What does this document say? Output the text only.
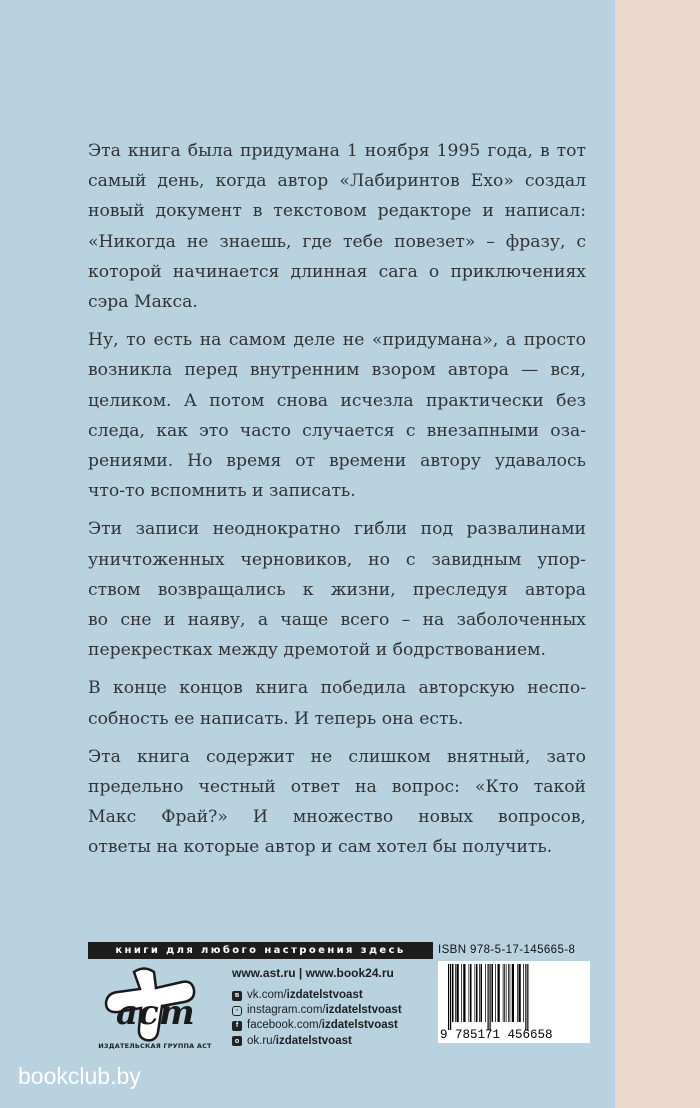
Эта книга была придумана 1 ноября 1995 года, в тот
самый день, когда автор «Лабиринтов Ехо» создал
новый документ в текстовом редакторе и написал:
«Никогда не знаешь, где тебе повезет» – фразу, с
которой начинается длинная сага о приключениях
сэра Макса.

Ну, то есть на самом деле не «придумана», а просто
возникла перед внутренним взором автора — вся,
целиком. А потом снова исчезла практически без
следа, как это часто случается с внезапными оза-
рениями. Но время от времени автору удавалось
что-то вспомнить и записать.

Эти записи неоднократно гибли под развалинами
уничтоженных черновиков, но с завидным упор-
ством возвращались к жизни, преследуя автора
во сне и наяву, а чаще всего – на заболоченных
перекрестках между дремотой и бодрствованием.

В конце концов книга победила авторскую неспо-
собность ее написать. И теперь она есть.

Эта книга содержит не слишком внятный, зато
предельно честный ответ на вопрос: «Кто такой
Макс Фрай?» И множество новых вопросов,
ответы на которые автор и сам хотел бы получить.

книги для любого настроения здесь
аст
ИЗДАТЕЛЬСКАЯ ГРУППА АСТ
www.ast.ru | www.book24.ru
в vk.com/ izdatelstvoast
◦ instagram.com/ izdatelstvoast
f facebook.com/ izdatelstvoast
о ok.ru/ izdatelstvoast
ISBN 978-5-17-145665-8
9 785171 456658
bookclub.by
